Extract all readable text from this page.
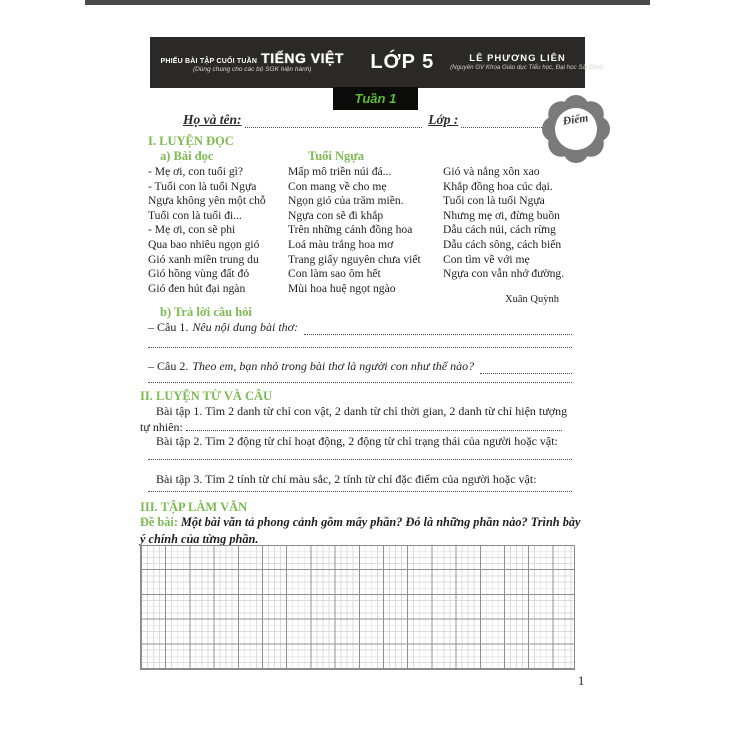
PHIẾU BÀI TẬP CUỐI TUẦN TIẾNG VIỆT
(Dùng chung cho các bộ SGK hiện hành)	LỚP 5	LÊ PHƯƠNG LIÊN
(Nguyên GV Khoa Giáo dục Tiểu học, Đại học Sài Gòn)
Tuần 1
Họ và tên:	Lớp :	Điểm
I. LUYỆN ĐỌC
a) Bài đọc	Tuổi Ngựa
- Mẹ ơi, con tuổi gì?
- Tuổi con là tuổi Ngựa
Ngựa không yên một chỗ
Tuổi con là tuổi đi...
- Mẹ ơi, con sẽ phi
Qua bao nhiêu ngọn gió
Gió xanh miền trung du
Gió hồng vùng đất đỏ
Gió đen hút đại ngàn
Mấp mô triền núi đá...
Con mang về cho mẹ
Ngọn gió của trăm miền.
Ngựa con sẽ đi khắp
Trên những cánh đồng hoa
Loá màu trắng hoa mơ
Trang giấy nguyên chưa viết
Con làm sao ôm hết
Mùi hoa huệ ngọt ngào
Gió và nắng xôn xao
Khắp đồng hoa cúc dại.
Tuổi con là tuổi Ngựa
Nhưng mẹ ơi, đừng buồn
Dẫu cách núi, cách rừng
Dẫu cách sông, cách biển
Con tìm về với mẹ
Ngựa con vẫn nhớ đường.
Xuân Quỳnh
b) Trả lời câu hỏi
– Câu 1. Nêu nội dung bài thơ:
– Câu 2. Theo em, bạn nhỏ trong bài thơ là người con như thế nào?
II. LUYỆN TỪ VÀ CÂU
Bài tập 1. Tìm 2 danh từ chỉ con vật, 2 danh từ chỉ thời gian, 2 danh từ chỉ hiện tượng
tự nhiên:
Bài tập 2. Tìm 2 động từ chỉ hoạt động, 2 động từ chỉ trạng thái của người hoặc vật:
Bài tập 3. Tìm 2 tính từ chỉ màu sắc, 2 tính từ chỉ đặc điểm của người hoặc vật:
III. TẬP LÀM VĂN
Đề bài: Một bài văn tả phong cảnh gồm mấy phần? Đó là những phần nào? Trình bày ý chính của từng phần.
1
